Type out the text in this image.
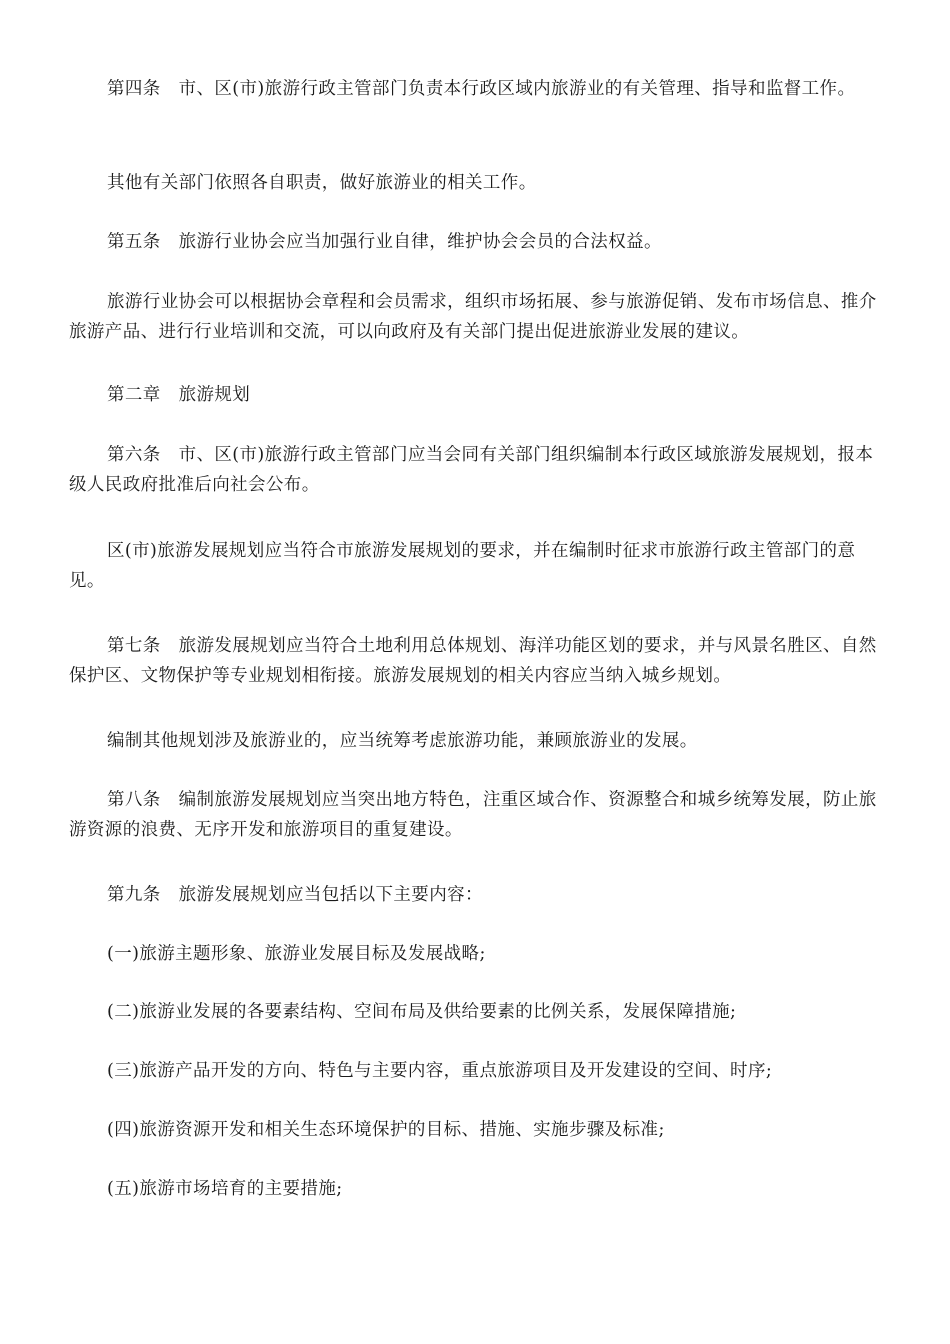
第四条　市、区(市)旅游行政主管部门负责本行政区域内旅游业的有关管理、指导和监督工作。

其他有关部门依照各自职责，做好旅游业的相关工作。

第五条　旅游行业协会应当加强行业自律，维护协会会员的合法权益。

旅游行业协会可以根据协会章程和会员需求，组织市场拓展、参与旅游促销、发布市场信息、推介旅游产品、进行行业培训和交流，可以向政府及有关部门提出促进旅游业发展的建议。

第二章　旅游规划

第六条　市、区(市)旅游行政主管部门应当会同有关部门组织编制本行政区域旅游发展规划，报本级人民政府批准后向社会公布。

区(市)旅游发展规划应当符合市旅游发展规划的要求，并在编制时征求市旅游行政主管部门的意见。

第七条　旅游发展规划应当符合土地利用总体规划、海洋功能区划的要求，并与风景名胜区、自然保护区、文物保护等专业规划相衔接。旅游发展规划的相关内容应当纳入城乡规划。

编制其他规划涉及旅游业的，应当统筹考虑旅游功能，兼顾旅游业的发展。

第八条　编制旅游发展规划应当突出地方特色，注重区域合作、资源整合和城乡统筹发展，防止旅游资源的浪费、无序开发和旅游项目的重复建设。

第九条　旅游发展规划应当包括以下主要内容：

(一)旅游主题形象、旅游业发展目标及发展战略;

(二)旅游业发展的各要素结构、空间布局及供给要素的比例关系，发展保障措施;

(三)旅游产品开发的方向、特色与主要内容，重点旅游项目及开发建设的空间、时序;

(四)旅游资源开发和相关生态环境保护的目标、措施、实施步骤及标准;

(五)旅游市场培育的主要措施;
